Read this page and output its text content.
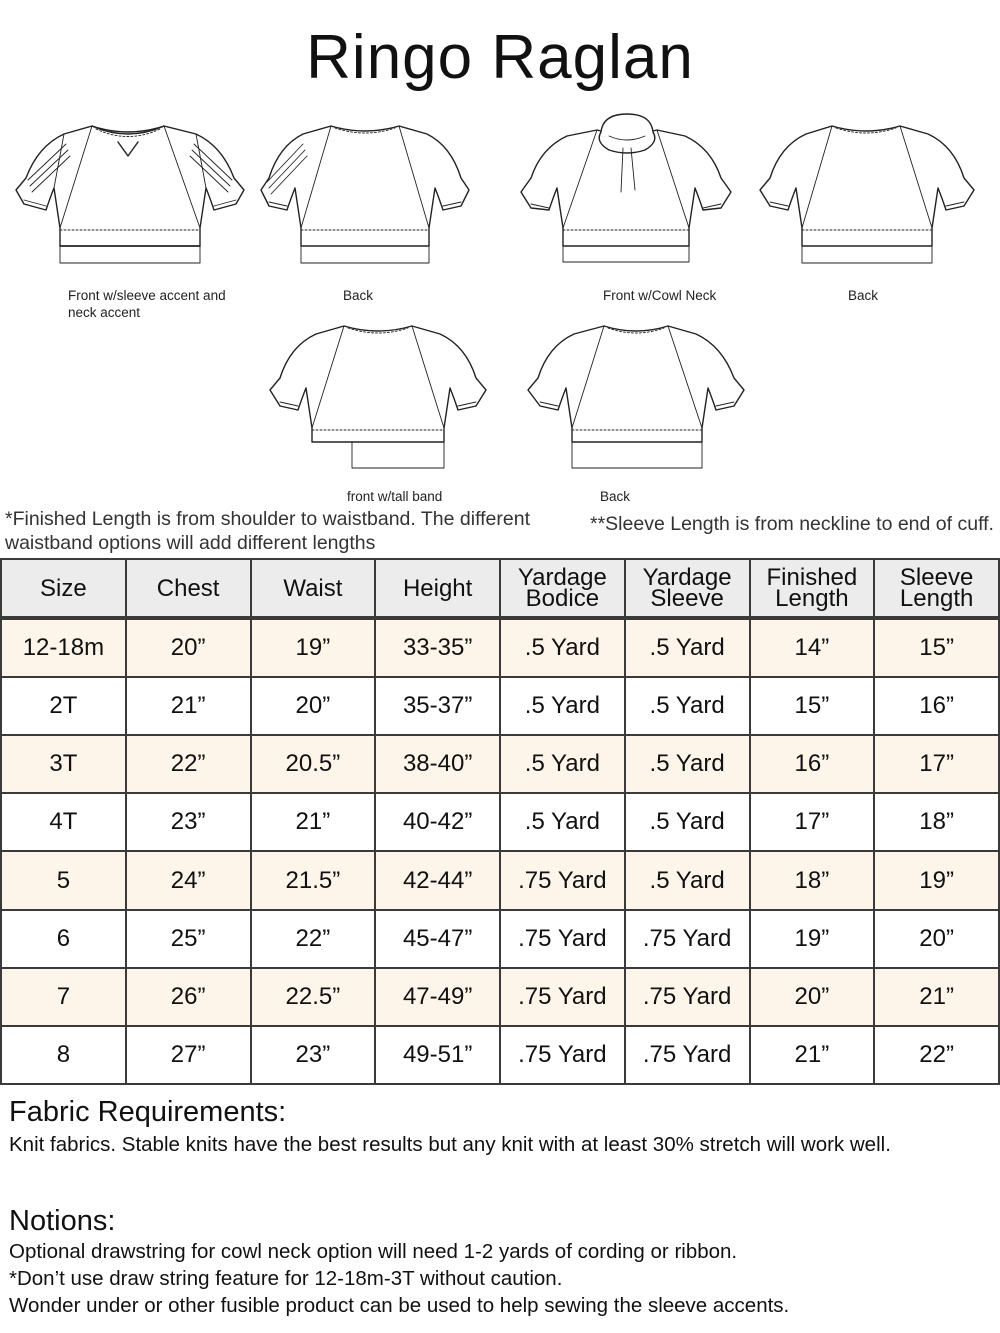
Ringo Raglan
Front w/sleeve accent and neck accent
Back	Front w/Cowl Neck	Back
front w/tall band	Back
*Finished Length is from shoulder to waistband. The different waistband options will add different lengths
**Sleeve Length is from neckline to end of cuff.
Size	Chest	Waist	Height	Yardage Bodice	Yardage Sleeve	Finished Length	Sleeve Length
12-18m	20”	19”	33-35”	.5 Yard	.5 Yard	14”	15”
2T	21”	20”	35-37”	.5 Yard	.5 Yard	15”	16”
3T	22”	20.5”	38-40”	.5 Yard	.5 Yard	16”	17”
4T	23”	21”	40-42”	.5 Yard	.5 Yard	17”	18”
5	24”	21.5”	42-44”	.75 Yard	.5 Yard	18”	19”
6	25”	22”	45-47”	.75 Yard	.75 Yard	19”	20”
7	26”	22.5”	47-49”	.75 Yard	.75 Yard	20”	21”
8	27”	23”	49-51”	.75 Yard	.75 Yard	21”	22”
Fabric Requirements:
Knit fabrics. Stable knits have the best results but any knit with at least 30% stretch will work well.
Notions:
Optional drawstring for cowl neck option will need 1-2 yards of cording or ribbon.
*Don’t use draw string feature for 12-18m-3T without caution.
Wonder under or other fusible product can be used to help sewing the sleeve accents.
